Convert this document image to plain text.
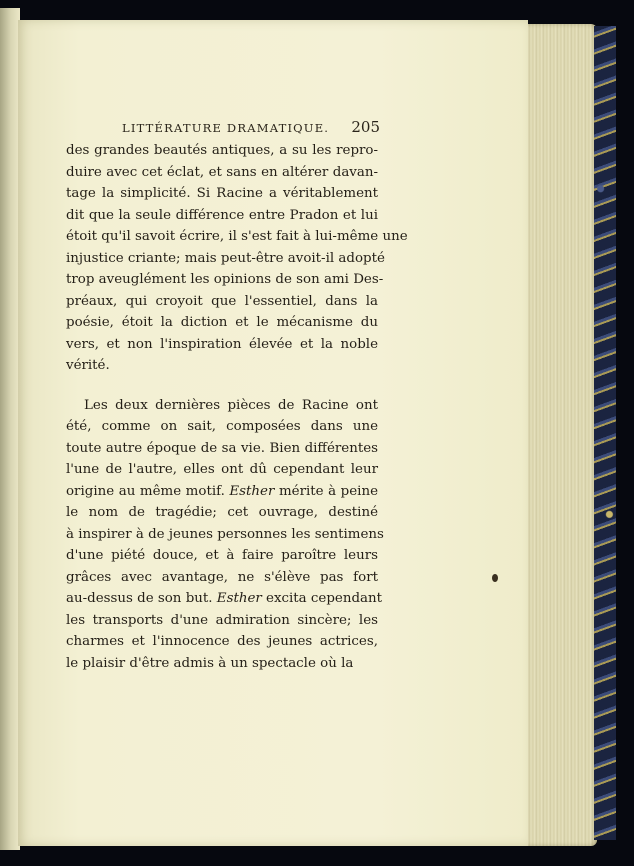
LITTÉRATURE DRAMATIQUE. 205
des grandes beautés antiques, a su les repro-
duire avec cet éclat, et sans en altérer davan-
tage la simplicité. Si Racine a véritablement
dit que la seule différence entre Pradon et lui
étoit qu'il savoit écrire, il s'est fait à lui-même une
injustice criante; mais peut-être avoit-il adopté
trop aveuglément les opinions de son ami Des-
préaux, qui croyoit que l'essentiel, dans la
poésie, étoit la diction et le mécanisme du
vers, et non l'inspiration élevée et la noble
vérité.
Les deux dernières pièces de Racine ont
été, comme on sait, composées dans une
toute autre époque de sa vie. Bien différentes
l'une de l'autre, elles ont dû cependant leur
origine au même motif. Esther mérite à peine
le nom de tragédie; cet ouvrage, destiné
à inspirer à de jeunes personnes les sentimens
d'une piété douce, et à faire paroître leurs
grâces avec avantage, ne s'élève pas fort
au-dessus de son but. Esther excita cependant
les transports d'une admiration sincère; les
charmes et l'innocence des jeunes actrices,
le plaisir d'être admis à un spectacle où la
